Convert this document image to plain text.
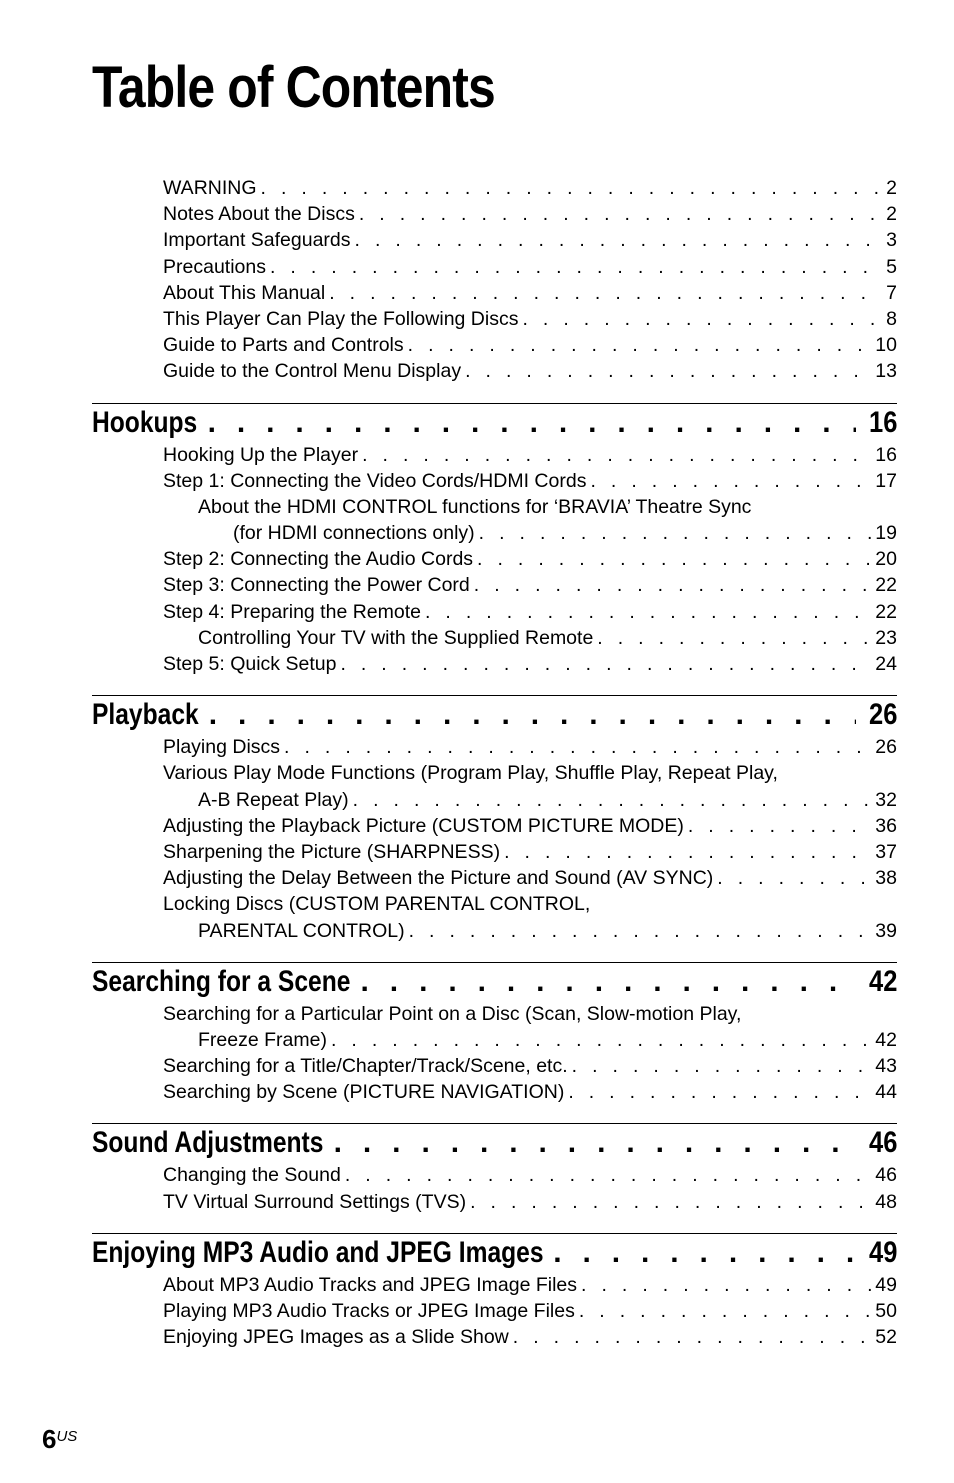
Table of Contents
WARNING . . .	2
Notes About the Discs . . .	2
Important Safeguards . . .	3
Precautions . . .	5
About This Manual . . .	7
This Player Can Play the Following Discs . . .	8
Guide to Parts and Controls . . .	10
Guide to the Control Menu Display . . .	13
Hookups . . .	16
Hooking Up the Player . . .	16
Step 1: Connecting the Video Cords/HDMI Cords . . .	17
About the HDMI CONTROL functions for ‘BRAVIA’ Theatre Sync
(for HDMI connections only) . . .	19
Step 2: Connecting the Audio Cords . . .	20
Step 3: Connecting the Power Cord . . .	22
Step 4: Preparing the Remote . . .	22
Controlling Your TV with the Supplied Remote . . .	23
Step 5: Quick Setup . . .	24
Playback . . .	26
Playing Discs . . .	26
Various Play Mode Functions (Program Play, Shuffle Play, Repeat Play,
A-B Repeat Play) . . .	32
Adjusting the Playback Picture (CUSTOM PICTURE MODE) . . .	36
Sharpening the Picture (SHARPNESS) . . .	37
Adjusting the Delay Between the Picture and Sound (AV SYNC) . . .	38
Locking Discs (CUSTOM PARENTAL CONTROL,
PARENTAL CONTROL) . . .	39
Searching for a Scene . . .	42
Searching for a Particular Point on a Disc (Scan, Slow-motion Play,
Freeze Frame) . . .	42
Searching for a Title/Chapter/Track/Scene, etc. . . .	43
Searching by Scene (PICTURE NAVIGATION) . . .	44
Sound Adjustments . . .	46
Changing the Sound . . .	46
TV Virtual Surround Settings (TVS) . . .	48
Enjoying MP3 Audio and JPEG Images . . .	49
About MP3 Audio Tracks and JPEG Image Files . . .	49
Playing MP3 Audio Tracks or JPEG Image Files . . .	50
Enjoying JPEG Images as a Slide Show . . .	52
$6^{US}$
